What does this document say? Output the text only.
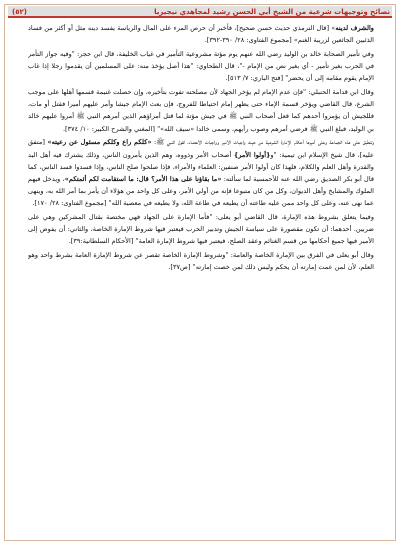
نصائح وتوجيهات شرعية من الشيخ أبي الحسن رشيد لمجاهدي نيجيريا
(٥٢)

والشرف لدينه» [قال الترمذي حديث حسن صحيح]، فأخبر أن حرص المرء على المال والرياسة يفسد دينه مثل أو أكثر من فساد الذئبين الجائعين لزريبة الغنم» [مجموع الفتاوى: ٢٨/ ٣٩٠-٣٩٢].

وفي تأمير الصحابة خالد بن الوليد رضي الله عنهم يوم مؤتة مشروعية التأمير في غياب الخليفة، قال ابن حجر: "وفيه جواز التأمر في الحرب بغير تأمير - أي بغير نص من الإمام -"، قال الطحاوي: "هذا أصل يؤخذ منه: على المسلمين أن يقدموا رجلا إذا غاب الإمام يقوم مقامه إلى أن يحضر" [فتح الباري: ٧/ ٥١٣].

وقال ابن قدامة الحنبلي: "فإن عدم الإمام لم يؤخر الجهاد لأن مصلحته تفوت بتأخيره، وإن حصلت غنيمة قسمها أهلها على موجب الشرع، قال القاضي ويؤخر قسمة الإماء حتى يظهر إمام احتياطا للفروج، فإن بعث الإمام جيشا وأمر عليهم أميرا فقتل أو مات، فللجيش أن يؤمروا أحدهم كما فعل أصحاب النبي ﷺ في جيش مؤتة لما قتل أمراؤهم الذين أمرهم النبي ﷺ أمروا عليهم خالد بن الوليد، فبلغ النبي ﷺ فرضي أمرهم وصوب رأيهم، وسمى خالدا «سيف الله»" [المغني والشرح الكبير: ١٠/ ٣٧٤].

وتنطبق على هذه الجماعة وعلى أميرها أحكام الإمارة الشرعية من حيث واجبات الأمير وواجبات الأعضاء، لقول النبي ﷺ: «كلكم راع وكلكم مسئول عن رعيته» [متفق عليه]، قال شيخ الإسلام ابن تيمية: "و{أولوا الأمر} أصحاب الأمر وذووه، وهم الذين يأمرون الناس، وذلك يشترك فيه أهل اليد والقدرة وأهل العلم والكلام، فلهذا كان أولوا الأمر صنفين: العلماء والأمراء، فإذا صلحوا صلح الناس، وإذا فسدوا فسد الناس، كما قال أبو بكر الصديق رضي الله عنه للأحمسية لما سألته: «ما بقاؤنا على هذا الأمر؟ قال: ما استقامت لكم أئمتكم»، ويدخل فيهم الملوك والمشايخ وأهل الديوان، وكل من كان متبوعا فإنه من أولي الأمر، وعلى كل واحد من هؤلاء أن يأمر بما أمر الله به، وينهى عما نهى عنه، وعلى كل واحد ممن عليه طاعته أن يطيعه في طاعة الله، ولا يطيعه في معصية الله" [مجموع الفتاوى: ٢٨/ ١٧٠].

وفيما يتعلق بشروط هذه الإمارة، قال القاضي أبو يعلى: "فأما الإمارة على الجهاد فهي مختصة بقتال المشركين وهي على ضربين. أحدهما: أن تكون مقصورة على سياسة الجيش وتدبير الحرب فيعتبر فيها شروط الإمارة الخاصة، والثاني: أن يفوض إلى الأمير فيها جميع أحكامها من قسم الغنائم وعقد الصلح، فيعتبر فيها شروط الإمارة العامة" [الأحكام السلطانية:٣٩].

وقال أبو يعلى في الفرق بين الإمارة الخاصة والعامة: "وشروط الإمارة الخاصة تقصر عن شروط الإمارة العامة بشرط واحد وهو العلم، لأن لمن عمت إمارته أن يحكم وليس ذلك لمن خصت إمارته" [ص٣٧].
